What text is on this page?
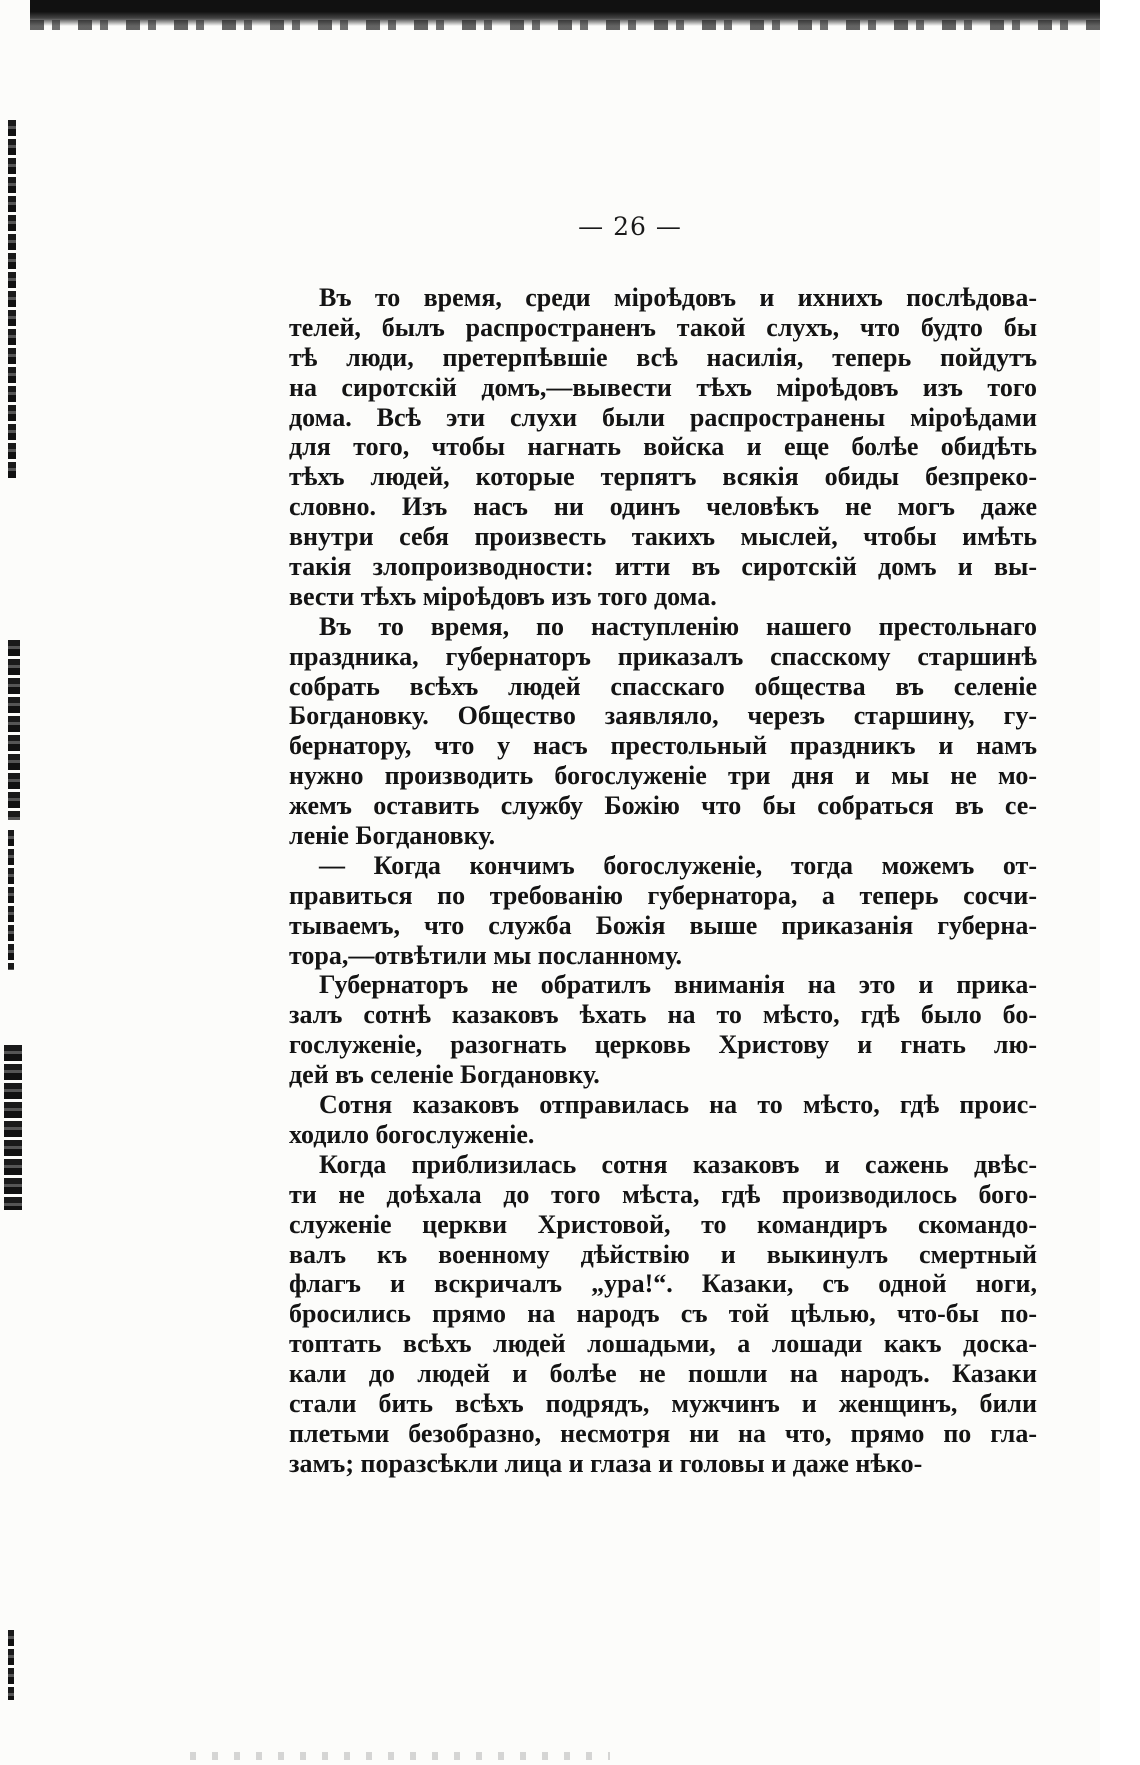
— 26 —
Въ то время, среди міроѣдовъ и ихнихъ послѣдова-
телей, былъ распространенъ такой слухъ, что будто бы
тѣ люди, претерпѣвшіе всѣ насилія, теперь пойдутъ
на сиротскій домъ,—вывести тѣхъ міроѣдовъ изъ того
дома. Всѣ эти слухи были распространены міроѣдами
для того, чтобы нагнать войска и еще болѣе обидѣть
тѣхъ людей, которые терпятъ всякія обиды безпреко-
словно. Изъ насъ ни одинъ человѣкъ не могъ даже
внутри себя произвесть такихъ мыслей, чтобы имѣть
такія злопроизводности: итти въ сиротскій домъ и вы-
вести тѣхъ міроѣдовъ изъ того дома.
Въ то время, по наступленію нашего престольнаго
праздника, губернаторъ приказалъ спасскому старшинѣ
собрать всѣхъ людей спасскаго общества въ селеніе
Богдановку. Общество заявляло, черезъ старшину, гу-
бернатору, что у насъ престольный праздникъ и намъ
нужно производить богослуженіе три дня и мы не мо-
жемъ оставить службу Божію что бы собраться въ се-
леніе Богдановку.
— Когда кончимъ богослуженіе, тогда можемъ от-
правиться по требованію губернатора, а теперь сосчи-
тываемъ, что служба Божія выше приказанія губерна-
тора,—отвѣтили мы посланному.
Губернаторъ не обратилъ вниманія на это и прика-
залъ сотнѣ казаковъ ѣхать на то мѣсто, гдѣ было бо-
гослуженіе, разогнать церковь Христову и гнать лю-
дей въ селеніе Богдановку.
Сотня казаковъ отправилась на то мѣсто, гдѣ проис-
ходило богослуженіе.
Когда приблизилась сотня казаковъ и сажень двѣс-
ти не доѣхала до того мѣста, гдѣ производилось бого-
служеніе церкви Христовой, то командиръ скомандо-
валъ къ военному дѣйствію и выкинулъ смертный
флагъ и вскричалъ „ура!“. Казаки, съ одной ноги,
бросились прямо на народъ съ той цѣлью, что-бы по-
топтать всѣхъ людей лошадьми, а лошади какъ доска-
кали до людей и болѣе не пошли на народъ. Казаки
стали бить всѣхъ подрядъ, мужчинъ и женщинъ, били
плетьми безобразно, несмотря ни на что, прямо по гла-
замъ; поразсѣкли лица и глаза и головы и даже нѣко-
